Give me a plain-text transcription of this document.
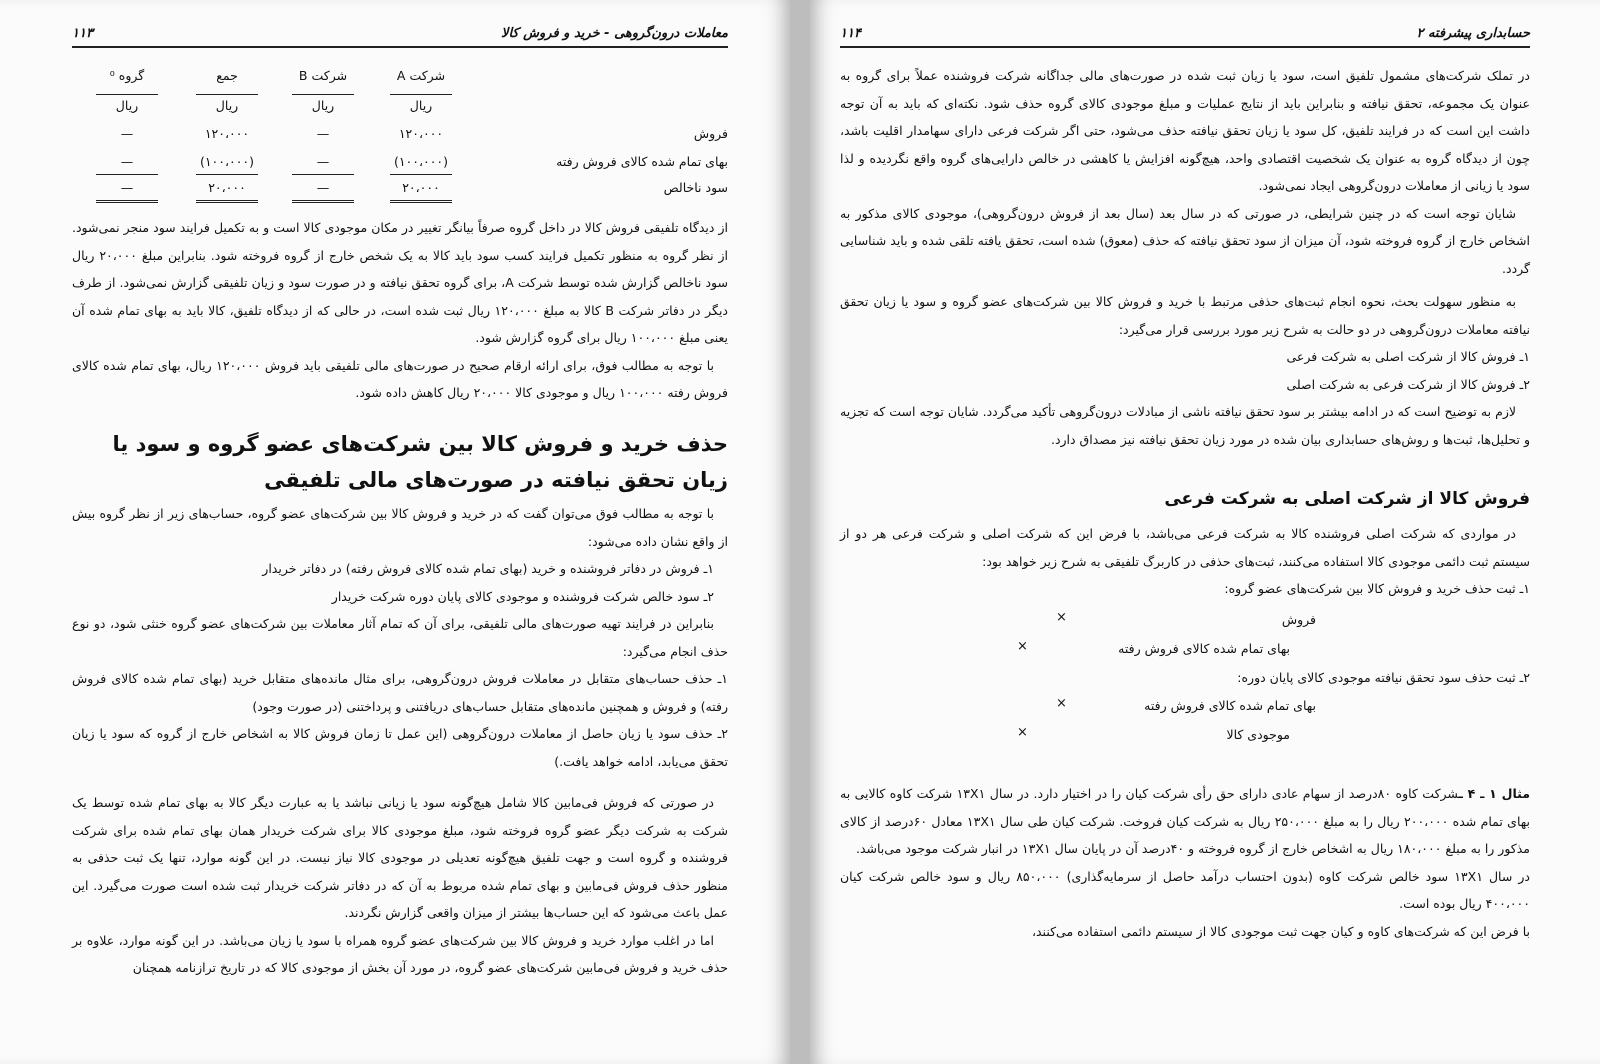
معاملات درون‌گروهی - خرید و فروش کالا
۱۱۳
شرکت A
شرکت B
جمع
گروه ⁰
ریال
ریال
ریال
ریال
فروش
۱۲۰،۰۰۰
—
۱۲۰،۰۰۰
—
بهای تمام شده کالای فروش رفته
(۱۰۰،۰۰۰)
—
(۱۰۰،۰۰۰)
—
سود ناخالص
۲۰،۰۰۰
—
۲۰،۰۰۰
—

از دیدگاه تلفیقی فروش کالا در داخل گروه صرفاً بیانگر تغییر در مکان موجودی کالا است و به تکمیل فرایند سود منجر نمی‌شود. از نظر گروه به منظور تکمیل فرایند کسب سود باید کالا به یک شخص خارج از گروه فروخته شود. بنابراین مبلغ ۲۰،۰۰۰ ریال سود ناخالص گزارش شده توسط شرکت A، برای گروه تحقق نیافته و در صورت سود و زیان تلفیقی گزارش نمی‌شود. از طرف دیگر در دفاتر شرکت B کالا به مبلغ ۱۲۰،۰۰۰ ریال ثبت شده است، در حالی که از دیدگاه تلفیق، کالا باید به بهای تمام شده آن یعنی مبلغ ۱۰۰،۰۰۰ ریال برای گروه گزارش شود.

با توجه به مطالب فوق، برای ارائه ارقام صحیح در صورت‌های مالی تلفیقی باید فروش ۱۲۰،۰۰۰ ریال، بهای تمام شده کالای فروش رفته ۱۰۰،۰۰۰ ریال و موجودی کالا ۲۰،۰۰۰ ریال کاهش داده شود.

حذف خرید و فروش کالا بین شرکت‌های عضو گروه و سود یا زیان تحقق نیافته در صورت‌های مالی تلفیقی

با توجه به مطالب فوق می‌توان گفت که در خرید و فروش کالا بین شرکت‌های عضو گروه، حساب‌های زیر از نظر گروه بیش از واقع نشان داده می‌شود:

۱ـ فروش در دفاتر فروشنده و خرید (بهای تمام شده کالای فروش رفته) در دفاتر خریدار

۲ـ سود خالص شرکت فروشنده و موجودی کالای پایان دوره شرکت خریدار

بنابراین در فرایند تهیه صورت‌های مالی تلفیقی، برای آن که تمام آثار معاملات بین شرکت‌های عضو گروه خنثی شود، دو نوع حذف انجام می‌گیرد:

۱ـ حذف حساب‌های متقابل در معاملات فروش درون‌گروهی، برای مثال مانده‌های متقابل خرید (بهای تمام شده کالای فروش رفته) و فروش و همچنین مانده‌های متقابل حساب‌های دریافتنی و پرداختنی (در صورت وجود)

۲ـ حذف سود یا زیان حاصل از معاملات درون‌گروهی (این عمل تا زمان فروش کالا به اشخاص خارج از گروه که سود یا زیان تحقق می‌یابد، ادامه خواهد یافت.)

در صورتی که فروش فی‌مابین کالا شامل هیچ‌گونه سود یا زیانی نباشد یا به عبارت دیگر کالا به بهای تمام شده توسط یک شرکت به شرکت دیگر عضو گروه فروخته شود، مبلغ موجودی کالا برای شرکت خریدار همان بهای تمام شده برای شرکت فروشنده و گروه است و جهت تلفیق هیچ‌گونه تعدیلی در موجودی کالا نیاز نیست. در این گونه موارد، تنها یک ثبت حذفی به منظور حذف فروش فی‌مابین و بهای تمام شده مربوط به آن که در دفاتر شرکت خریدار ثبت شده است صورت می‌گیرد. این عمل باعث می‌شود که این حساب‌ها بیشتر از میزان واقعی گزارش نگردند.

اما در اغلب موارد خرید و فروش کالا بین شرکت‌های عضو گروه همراه با سود یا زیان می‌باشد. در این گونه موارد، علاوه بر حذف خرید و فروش فی‌مابین شرکت‌های عضو گروه، در مورد آن بخش از موجودی کالا که در تاریخ ترازنامه همچنان

حسابداری پیشرفته ۲
۱۱۴

در تملک شرکت‌های مشمول تلفیق است، سود یا زیان ثبت شده در صورت‌های مالی جداگانه شرکت فروشنده عملاً برای گروه به عنوان یک مجموعه، تحقق نیافته و بنابراین باید از نتایج عملیات و مبلغ موجودی کالای گروه حذف شود. نکته‌ای که باید به آن توجه داشت این است که در فرایند تلفیق، کل سود یا زیان تحقق نیافته حذف می‌شود، حتی اگر شرکت فرعی دارای سهامدار اقلیت باشد، چون از دیدگاه گروه به عنوان یک شخصیت اقتصادی واحد، هیچ‌گونه افزایش یا کاهشی در خالص دارایی‌های گروه واقع نگردیده و لذا سود یا زیانی از معاملات درون‌گروهی ایجاد نمی‌شود.

شایان توجه است که در چنین شرایطی، در صورتی که در سال بعد (سال بعد از فروش درون‌گروهی)، موجودی کالای مذکور به اشخاص خارج از گروه فروخته شود، آن میزان از سود تحقق نیافته که حذف (معوق) شده است، تحقق یافته تلقی شده و باید شناسایی گردد.

به منظور سهولت بحث، نحوه انجام ثبت‌های حذفی مرتبط با خرید و فروش کالا بین شرکت‌های عضو گروه و سود یا زیان تحقق نیافته معاملات درون‌گروهی در دو حالت به شرح زیر مورد بررسی قرار می‌گیرد:

۱ـ فروش کالا از شرکت اصلی به شرکت فرعی

۲ـ فروش کالا از شرکت فرعی به شرکت اصلی

لازم به توضیح است که در ادامه بیشتر بر سود تحقق نیافته ناشی از مبادلات درون‌گروهی تأکید می‌گردد. شایان توجه است که تجزیه و تحلیل‌ها، ثبت‌ها و روش‌های حسابداری بیان شده در مورد زیان تحقق نیافته نیز مصداق دارد.

فروش کالا از شرکت اصلی به شرکت فرعی

در مواردی که شرکت اصلی فروشنده کالا به شرکت فرعی می‌باشد، با فرض این که شرکت اصلی و شرکت فرعی هر دو از سیستم ثبت دائمی موجودی کالا استفاده می‌کنند، ثبت‌های حذفی در کاربرگ تلفیقی به شرح زیر خواهد بود:

۱ـ ثبت حذف خرید و فروش کالا بین شرکت‌های عضو گروه:

فروش
×
بهای تمام شده کالای فروش رفته
×

۲ـ ثبت حذف سود تحقق نیافته موجودی کالای پایان دوره:

بهای تمام شده کالای فروش رفته
×
موجودی کالا
×

مثال ۱ ـ ۴ ـشرکت کاوه ۸۰درصد از سهام عادی دارای حق رأی شرکت کیان را در اختیار دارد. در سال ۱۳X۱ شرکت کاوه کالایی به بهای تمام شده ۲۰۰،۰۰۰ ریال را به مبلغ ۲۵۰،۰۰۰ ریال به شرکت کیان فروخت. شرکت کیان طی سال ۱۳X۱ معادل ۶۰درصد از کالای مذکور را به مبلغ ۱۸۰،۰۰۰ ریال به اشخاص خارج از گروه فروخته و ۴۰درصد آن در پایان سال ۱۳X۱ در انبار شرکت موجود می‌باشد.

در سال ۱۳X۱ سود خالص شرکت کاوه (بدون احتساب درآمد حاصل از سرمایه‌گذاری) ۸۵۰،۰۰۰ ریال و سود خالص شرکت کیان ۴۰۰،۰۰۰ ریال بوده است.

با فرض این که شرکت‌های کاوه و کیان جهت ثبت موجودی کالا از سیستم دائمی استفاده می‌کنند،
